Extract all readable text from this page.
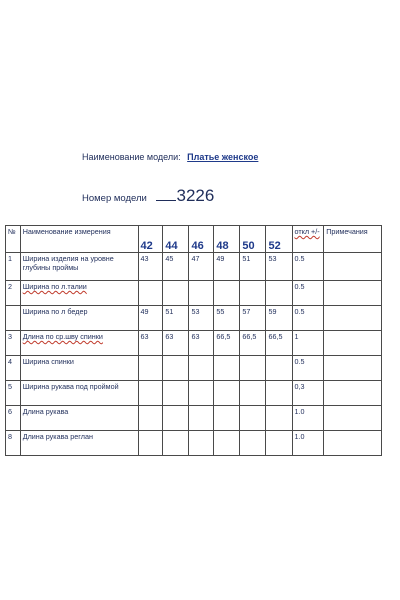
Наименование модели: Платье женское
Номер модели 3226
№	Наименование измерения	42	44	46	48	50	52	откл +/-	Примечания
1	Ширина изделия на уровне глубины проймы	43	45	47	49	51	53	0.5	
2	Ширина по л.талии							0.5	
	Ширина по л бедер	49	51	53	55	57	59	0.5	
3	Длина по ср.шву спинки	63	63	63	66,5	66,5	66,5	1	
4	Ширина спинки							0.5	
5	Ширина рукава под проймой							0,3	
6	Длина рукава							1.0	
8	Длина рукава реглан							1.0	
